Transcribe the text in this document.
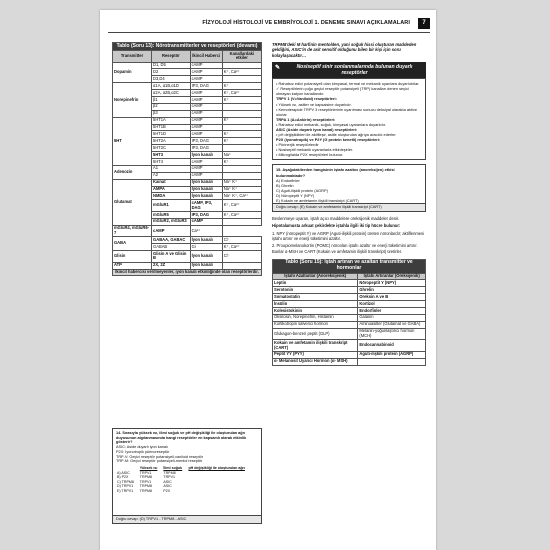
FİZYOLOJİ HİSTOLOJİ VE EMBRİYOLOJİ 1. DENEME SINAVI AÇIKLAMALARI	7
Tablo (Soru 13): Nörotransmitterler ve reseptörleri (devamı)			
Transmitter	Reseptör	İkincil Haberci	Kanallardaki etkiler
Dopamin	D1, D5	cAMP	
	D2	cAMP	K⁺, Ca²⁺
	D3,D4	cAMP	
Norepinefrin	α1A, α1B,α1D	IP3, DAG	K⁺
	α2A, α2B,α2C	cAMP	K⁺, Ca²⁺
	β1	cAMP	K⁺
	β2	cAMP	
	β3	cAMP	
5HT	5HT1A	cAMP	K⁺
	5HT1B	cAMP	
	5HT1D	cAMP	K⁺
	5HT2A	IP3, DAG	K⁺
	5HT2C	IP3, DAG	
	5HT3	İyon kanalı	Na⁺
	5HT4	cAMP	K⁺
Adenozin	A1	cAMP	
	A2	cAMP	
Glutamat	Kainat	İyon kanalı	Na⁺ K⁺
	AMPA	İyon kanalı	Na⁺ K⁺
	NMDA	İyon kanalı	Na⁺ K⁺, Ca²⁺
	mGluR1	cAMP, IP3, DAG	K⁺, Ca²⁺
	mGluR5	IP3, DAG	K⁺, Ca²⁺
	mGluR2, mGluR3	cAMP	
mGluR4, mGluR6-7	cAMP	Ca²⁺	
GABA	GABAA, GABAC	İyon kanalı	Cl⁻
	GABAB	Gi	K⁺, Ca²⁺
Glisin	Glisin A ve Glisin B	İyon kanalı	Cl⁻
ATP	2X, 2Z	İyon kanalı	
İkincil habercisi verilmeyenler, iyon kanalı etkinliğinde olan reseptörlerdir.			

14. Sırasıyla yüksek ısı, ilimi soğuk ve pH değişikliği ile oluşturulan ağrı duyusunun algılanmasında hangi reseptörler en kapsamlı olarak etkinlik gösterir?

ASIC: Aside duyarlı iyon kanalı

P2X: İyonotropik pürinoreseptör

TRP-V: Geçici reseptör potansiyeli-vaniloid reseptör

TRP-M: Geçici reseptör potansiyeli-mentol reseptör

	Yüksek ısı	İlimi soğuk	pH değişikliği ile oluşturulan ağrı
A) ASIC	TRPV1	TRPM8	
B) P2X	TRPM8	TRPV1	
C) TRPM8	TRPV1	ASIC	
D) TRPV1	TRPM8	ASIC	
E) TRPV1	TRPM8	P2X	
Doğru cevap: (D) TRPV1 - TRPM8 - ASIC
TRPM8'deki M harfinin mentolden, yani soğuk hissi oluşturan maddeden geldiğini, ASIC'in de asit sensitif olduğunu bilen bir kişi için soru kolaylaşacaktır…
✎	Nosiseptif sinir sonlanmalarında bulunan duyarlı reseptörler

• Rahatsız edici potansiyeli olan kimyasal, termal ve mekanik uyarılara duyarlıdırlar.

✓ Reseptörlerin çoğu geçici reseptör potansiyeli (TRP) kanalları denen seçici olmayan katyon kanallarıdır.

TRPV 1 (V=Vaniloid) reseptörleri:

• Yüksek ısı, asitler ve kapsaisine duyarlıdır.

• Kemoterapide TRPV 3 reseptörlerinin uyarılması sonucu deksiyal olarakta aktive olurlar

TRPA 1 (A=Ankirin) reseptörleri:

• Rahatsız edici mekanik, soğuk, kimyasal uyaranlara duyarlıdır.

ASIC (Aside duyarlı iyon kanal) reseptörleri:

• pH değişiklikleri ile aktifleşir, asitle oluşturulan ağrıya aracılık ederler.

P2X (iyonotropik) ve P2Y (G protein kenetli) reseptörleri:

• Pürinerjik reseptörlerdir

• Nosiseptif mekanik uyaranlarla etkinleşirler.

• Mikroglialda P2X reseptörleri bulunur.

15. Aşağıdakilerden hangisinin iştahı azaltıcı (anoreksijen) etkisi bulunmaktadır?

A) Endorfinler

B) Ghrelin

C) Aguti-ilişkili protein (AGRP)

D) Nöropeptit Y (NPY)

E) Kokain ve amfetamin ilişkili transkript (CART)

Doğru cevap: (E) Kokain ve amfetamin ilişkili transkript (CART)

Beslenmeye uyaran, iştah açıcı maddelere oreksijenik maddeler denir.

Hipotalamusta arkuat çekirdekte iştahla ilgili iki tip hücre bulunur:

1. NPY (nöropeptit Y) ve AGRP (Aguti-ilişkili protein) üreten nöronlardır; aktiflenmesi iştahı artırır ve enerji tüketimini azaltır.

2. Proopiomelanokortin (POMC) nöronları iştahı azaltır ve enerji tüketimini artırır. Bunlar α-MSH ve CART (Kokain ve amfetamin ilişkili transkript) üretirler.

Tablo (Soru 15): İştah artıran ve azaltan transmitter ve hormonlar	
İştahı Azaltanlar (Anoreksijenik)	İştahı Artıranlar (Oreksijenik)
Leptin	Nöropeptit Y (NPY)
Serotonin	Ghrelin
Somatostatin	Oreksin A ve B
İnsülin	Kortizol
Kolesistokinin	Endorfinler
Oksitosin, Norepinefrin, Histamin	Galanin
Kortikotropin salverici hormon	Aminoasitler (Glutamat ve GABA)
Glukagon-benzeri peptit (GLP)	Melanin-yoğunlaştırıcı hormon (MCH)
Kokain ve amfetamin ilişkili transkript (CART)	Endocannabinoid
Peptit YY (PYY)	Aguti-ilişkili protein (AGRP)
α- Melanosit Uyarıcı Hormon (α- MSH)	
